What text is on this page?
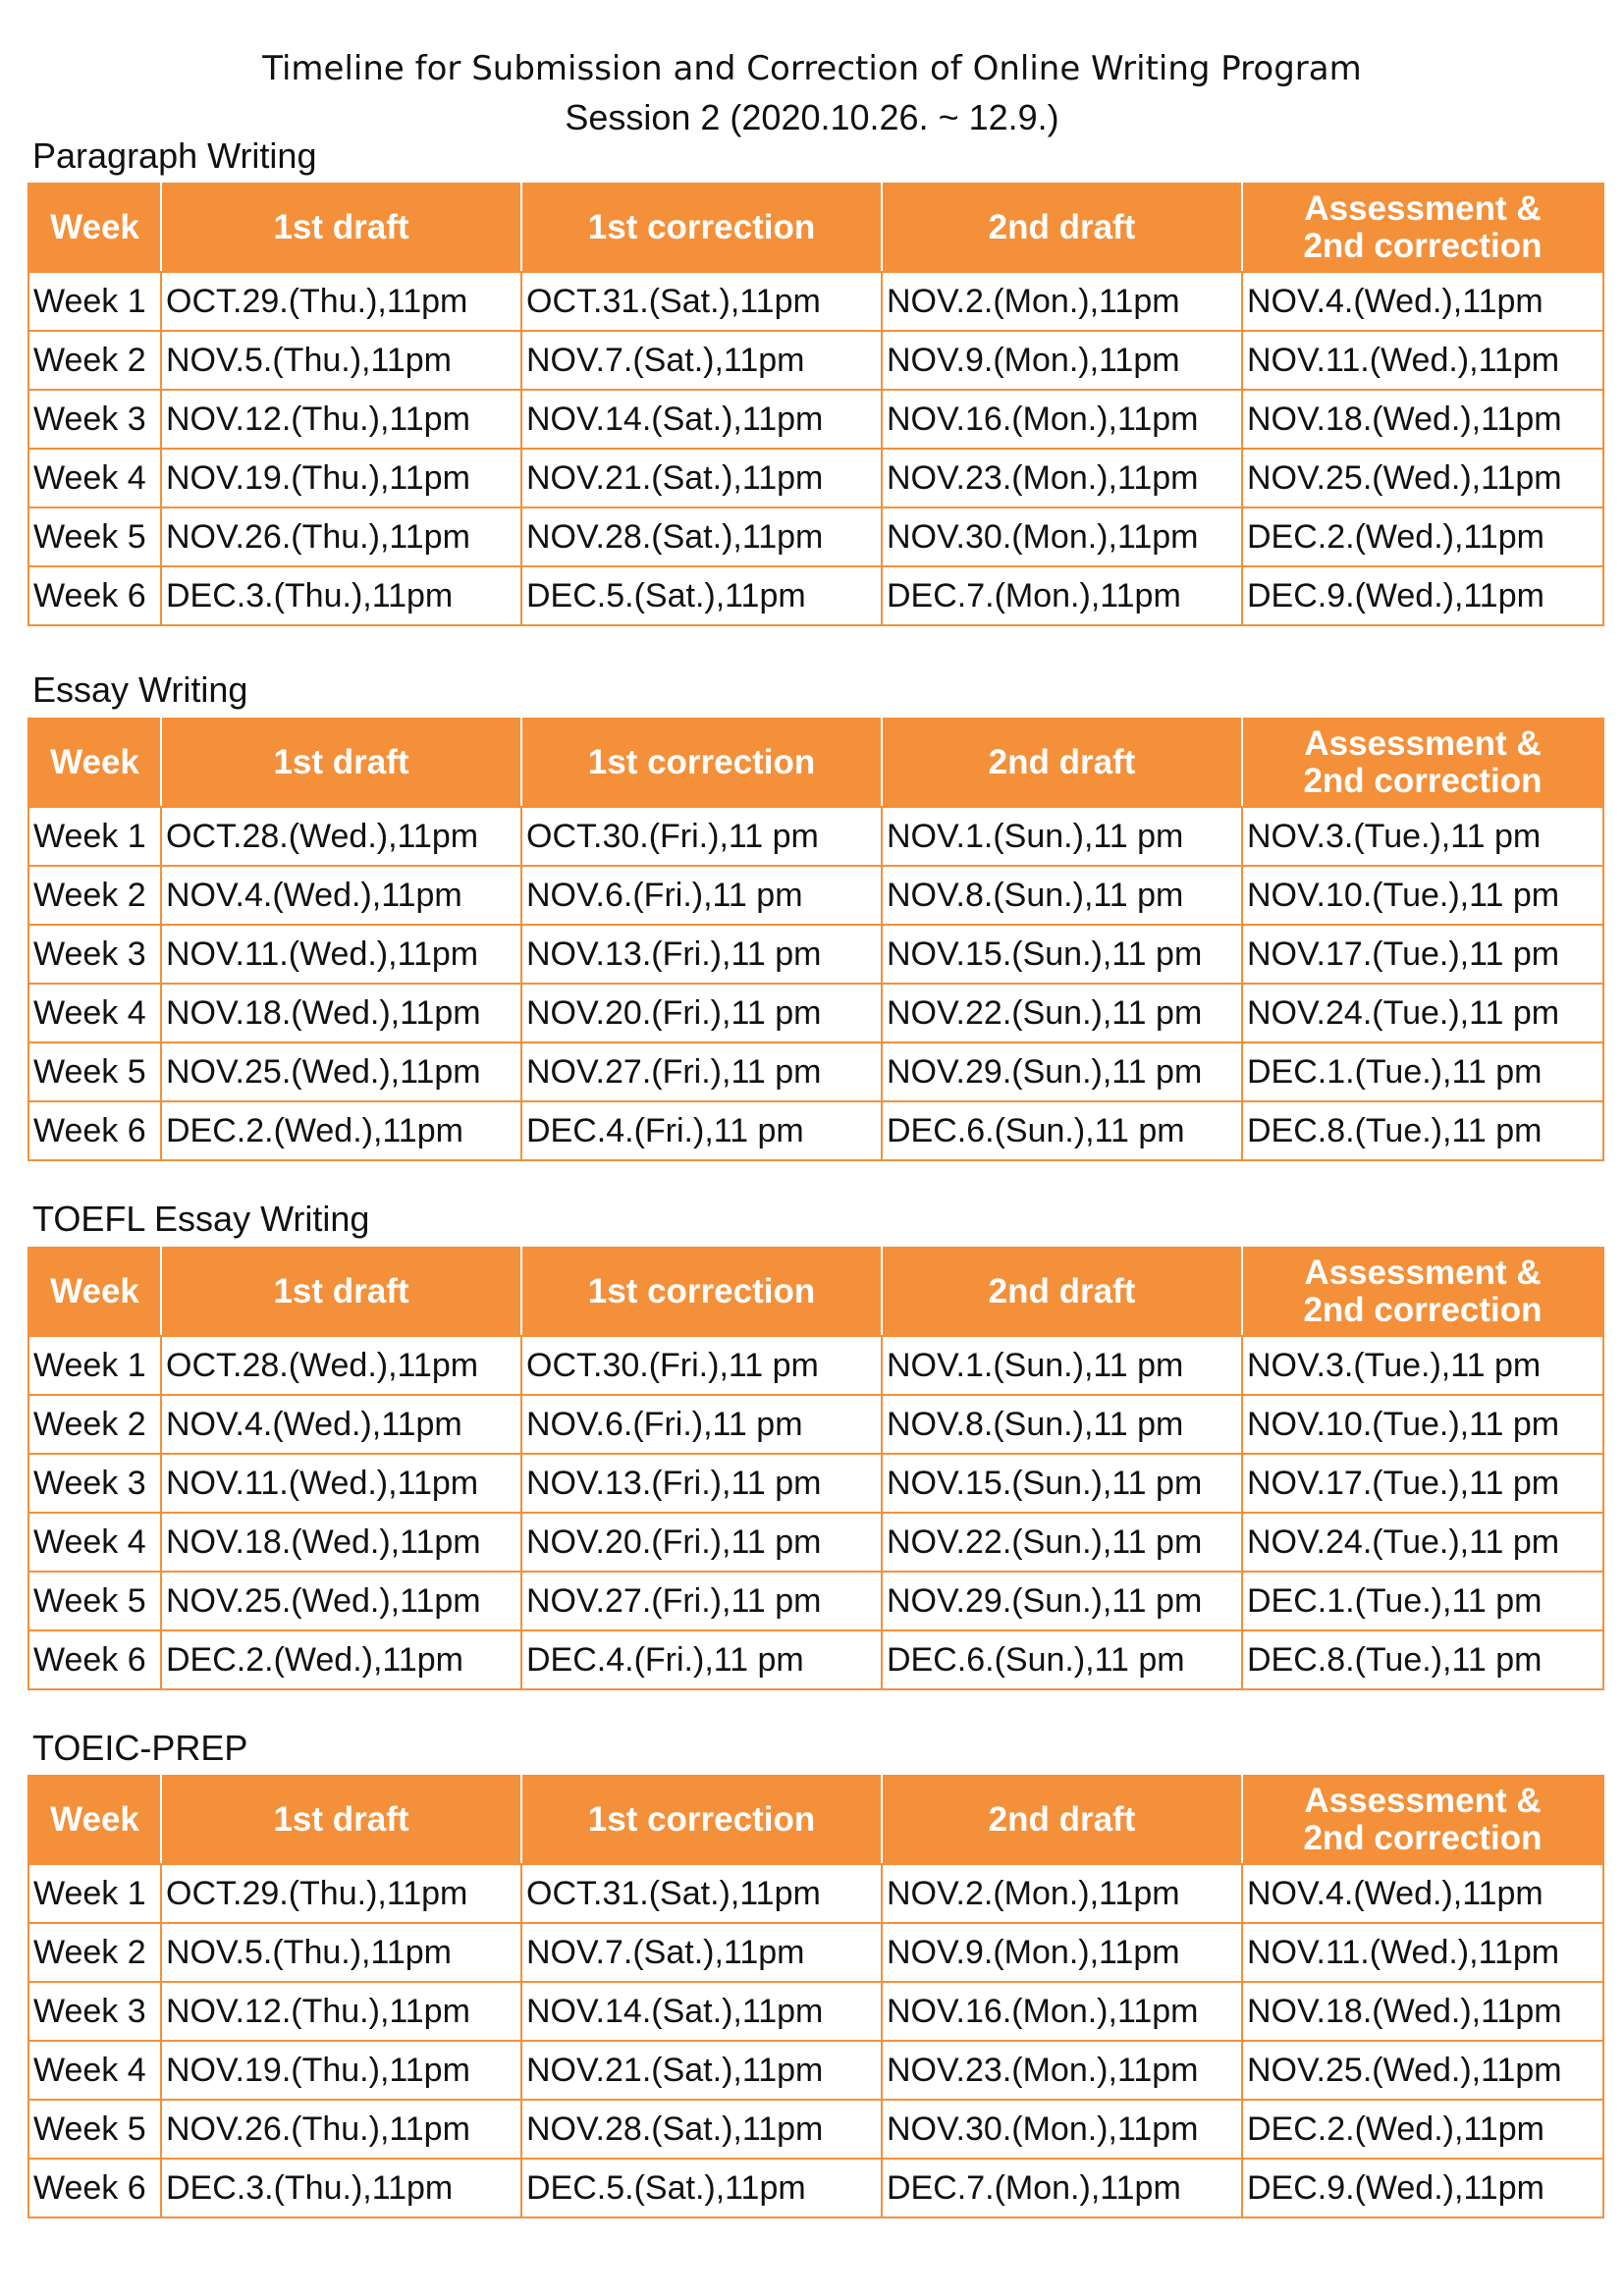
Timeline for Submission and Correction of Online Writing Program
Session 2 (2020.10.26. ~ 12.9.)
Paragraph Writing
Week	1st draft	1st correction	2nd draft	Assessment &
2nd correction

Week 1	OCT.29.(Thu.),11pm	OCT.31.(Sat.),11pm	NOV.2.(Mon.),11pm	NOV.4.(Wed.),11pm
Week 2	NOV.5.(Thu.),11pm	NOV.7.(Sat.),11pm	NOV.9.(Mon.),11pm	NOV.11.(Wed.),11pm
Week 3	NOV.12.(Thu.),11pm	NOV.14.(Sat.),11pm	NOV.16.(Mon.),11pm	NOV.18.(Wed.),11pm
Week 4	NOV.19.(Thu.),11pm	NOV.21.(Sat.),11pm	NOV.23.(Mon.),11pm	NOV.25.(Wed.),11pm
Week 5	NOV.26.(Thu.),11pm	NOV.28.(Sat.),11pm	NOV.30.(Mon.),11pm	DEC.2.(Wed.),11pm
Week 6	DEC.3.(Thu.),11pm	DEC.5.(Sat.),11pm	DEC.7.(Mon.),11pm	DEC.9.(Wed.),11pm
Essay Writing
Week	1st draft	1st correction	2nd draft	Assessment &
2nd correction

Week 1	OCT.28.(Wed.),11pm	OCT.30.(Fri.),11 pm	NOV.1.(Sun.),11 pm	NOV.3.(Tue.),11 pm
Week 2	NOV.4.(Wed.),11pm	NOV.6.(Fri.),11 pm	NOV.8.(Sun.),11 pm	NOV.10.(Tue.),11 pm
Week 3	NOV.11.(Wed.),11pm	NOV.13.(Fri.),11 pm	NOV.15.(Sun.),11 pm	NOV.17.(Tue.),11 pm
Week 4	NOV.18.(Wed.),11pm	NOV.20.(Fri.),11 pm	NOV.22.(Sun.),11 pm	NOV.24.(Tue.),11 pm
Week 5	NOV.25.(Wed.),11pm	NOV.27.(Fri.),11 pm	NOV.29.(Sun.),11 pm	DEC.1.(Tue.),11 pm
Week 6	DEC.2.(Wed.),11pm	DEC.4.(Fri.),11 pm	DEC.6.(Sun.),11 pm	DEC.8.(Tue.),11 pm
TOEFL Essay Writing
Week	1st draft	1st correction	2nd draft	Assessment &
2nd correction

Week 1	OCT.28.(Wed.),11pm	OCT.30.(Fri.),11 pm	NOV.1.(Sun.),11 pm	NOV.3.(Tue.),11 pm
Week 2	NOV.4.(Wed.),11pm	NOV.6.(Fri.),11 pm	NOV.8.(Sun.),11 pm	NOV.10.(Tue.),11 pm
Week 3	NOV.11.(Wed.),11pm	NOV.13.(Fri.),11 pm	NOV.15.(Sun.),11 pm	NOV.17.(Tue.),11 pm
Week 4	NOV.18.(Wed.),11pm	NOV.20.(Fri.),11 pm	NOV.22.(Sun.),11 pm	NOV.24.(Tue.),11 pm
Week 5	NOV.25.(Wed.),11pm	NOV.27.(Fri.),11 pm	NOV.29.(Sun.),11 pm	DEC.1.(Tue.),11 pm
Week 6	DEC.2.(Wed.),11pm	DEC.4.(Fri.),11 pm	DEC.6.(Sun.),11 pm	DEC.8.(Tue.),11 pm
TOEIC-PREP
Week	1st draft	1st correction	2nd draft	Assessment &
2nd correction

Week 1	OCT.29.(Thu.),11pm	OCT.31.(Sat.),11pm	NOV.2.(Mon.),11pm	NOV.4.(Wed.),11pm
Week 2	NOV.5.(Thu.),11pm	NOV.7.(Sat.),11pm	NOV.9.(Mon.),11pm	NOV.11.(Wed.),11pm
Week 3	NOV.12.(Thu.),11pm	NOV.14.(Sat.),11pm	NOV.16.(Mon.),11pm	NOV.18.(Wed.),11pm
Week 4	NOV.19.(Thu.),11pm	NOV.21.(Sat.),11pm	NOV.23.(Mon.),11pm	NOV.25.(Wed.),11pm
Week 5	NOV.26.(Thu.),11pm	NOV.28.(Sat.),11pm	NOV.30.(Mon.),11pm	DEC.2.(Wed.),11pm
Week 6	DEC.3.(Thu.),11pm	DEC.5.(Sat.),11pm	DEC.7.(Mon.),11pm	DEC.9.(Wed.),11pm
